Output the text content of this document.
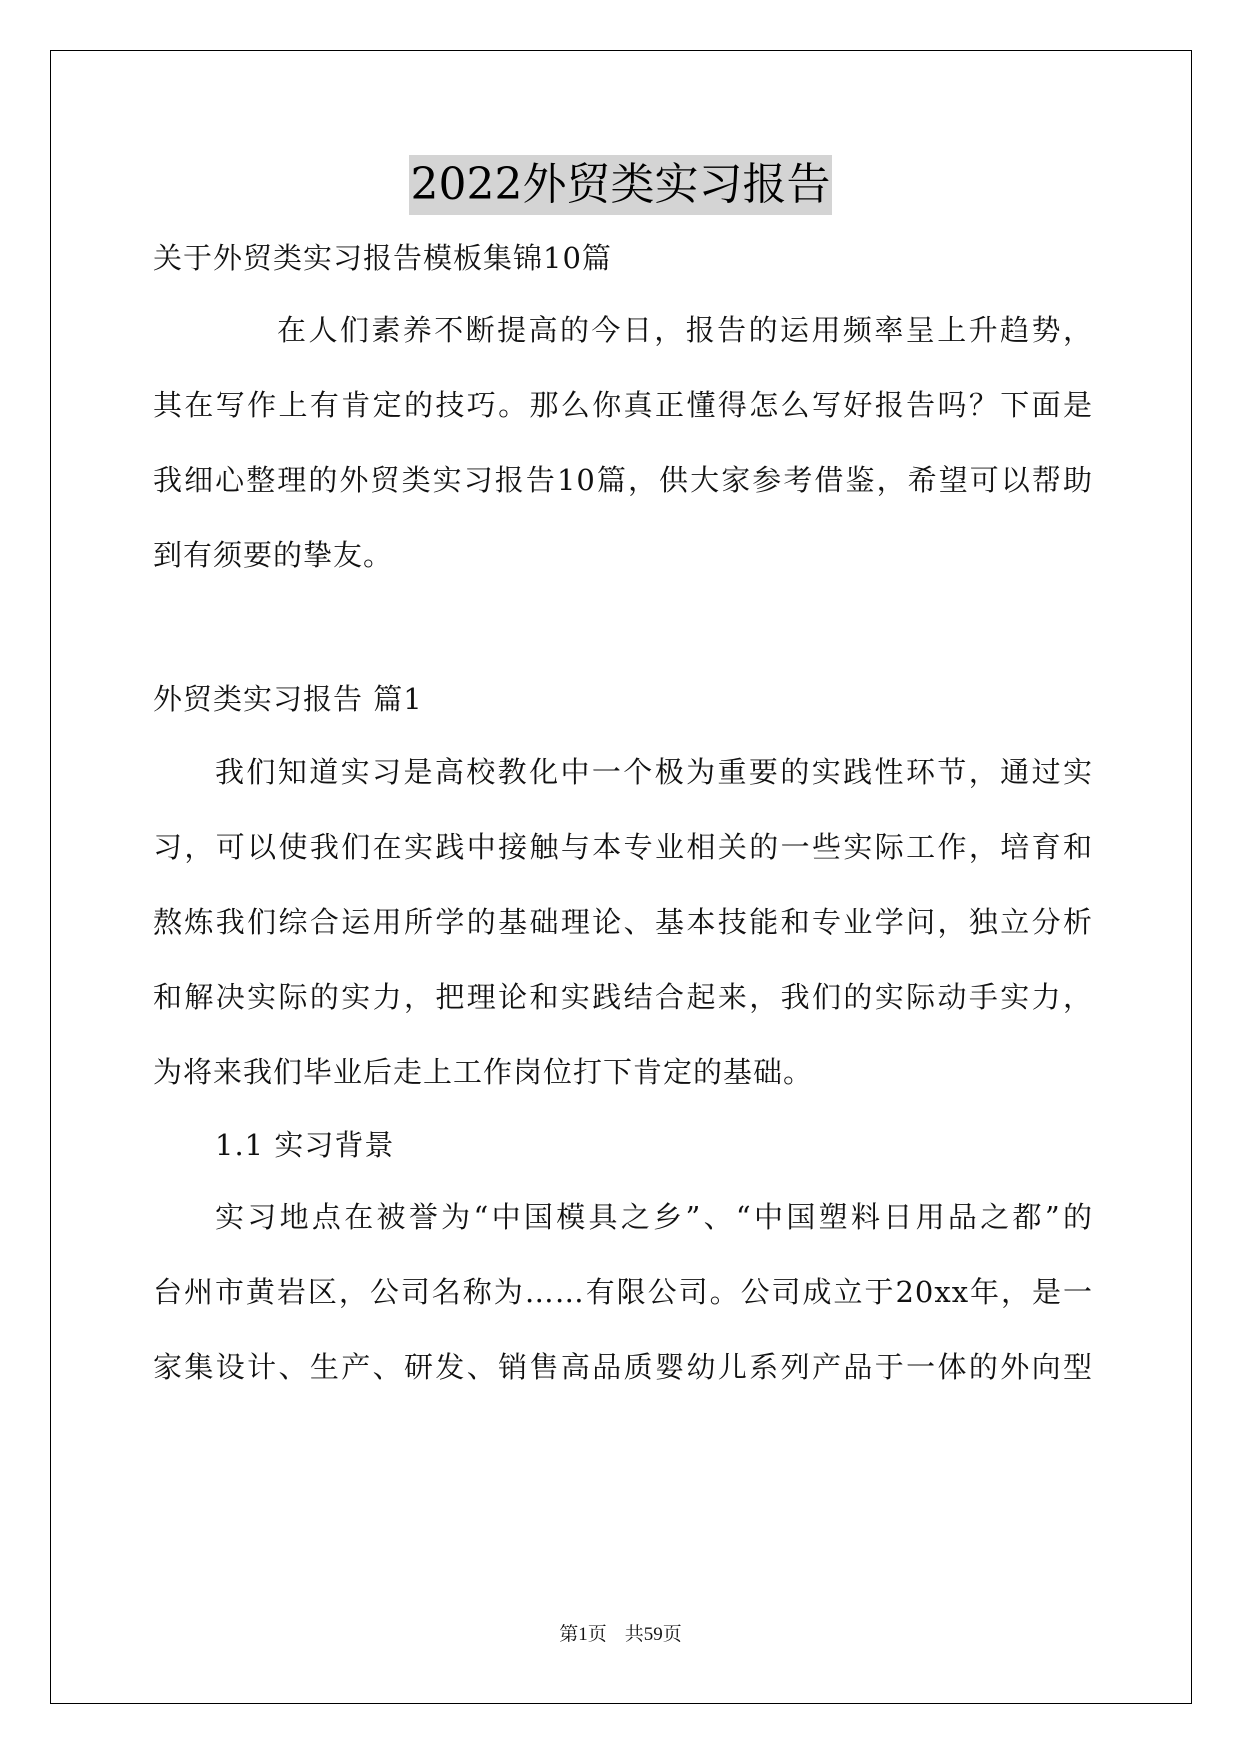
2022外贸类实习报告
关于外贸类实习报告模板集锦10篇
在人们素养不断提高的今日，报告的运用频率呈上升趋势，
其在写作上有肯定的技巧。那么你真正懂得怎么写好报告吗？下面是
我细心整理的外贸类实习报告10篇，供大家参考借鉴，希望可以帮助
到有须要的挚友。
外贸类实习报告 篇1
我们知道实习是高校教化中一个极为重要的实践性环节，通过实
习，可以使我们在实践中接触与本专业相关的一些实际工作，培育和
熬炼我们综合运用所学的基础理论、基本技能和专业学问，独立分析
和解决实际的实力，把理论和实践结合起来，我们的实际动手实力，
为将来我们毕业后走上工作岗位打下肯定的基础。
1.1 实习背景
实习地点在被誉为“中国模具之乡”、“中国塑料日用品之都”的
台州市黄岩区，公司名称为……有限公司。公司成立于20xx年，是一
家集设计、生产、研发、销售高品质婴幼儿系列产品于一体的外向型
第1页 共59页
